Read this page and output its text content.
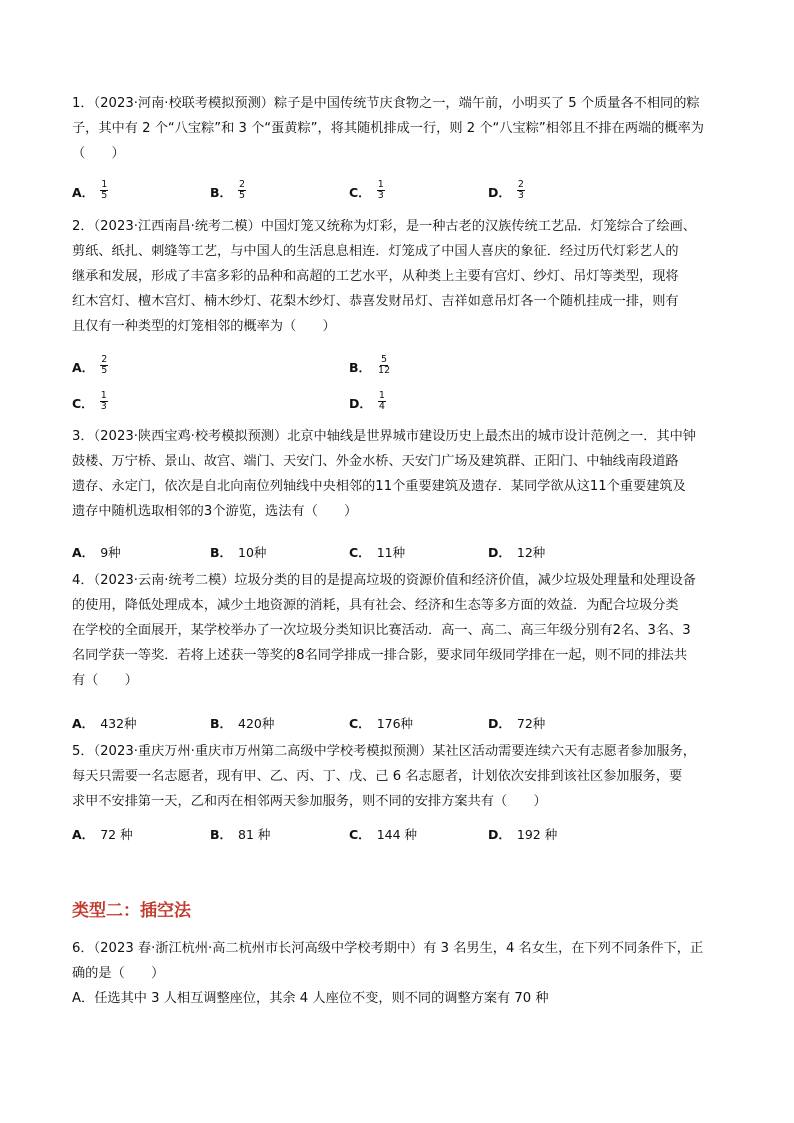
1．（2023·河南·校联考模拟预测）粽子是中国传统节庆食物之一，端午前，小明买了 5 个质量各不相同的粽
子，其中有 2 个“八宝粽”和 3 个“蛋黄粽”，将其随机排成一行，则 2 个“八宝粽”相邻且不排在两端的概率为
（　　）
A． $\frac{1}{5}$	B． $\frac{2}{5}$	C． $\frac{1}{3}$	D． $\frac{2}{3}$
2．（2023·江西南昌·统考二模）中国灯笼又统称为灯彩，是一种古老的汉族传统工艺品．灯笼综合了绘画、
剪纸、纸扎、刺缝等工艺，与中国人的生活息息相连．灯笼成了中国人喜庆的象征．经过历代灯彩艺人的
继承和发展，形成了丰富多彩的品种和高超的工艺水平，从种类上主要有宫灯、纱灯、吊灯等类型，现将
红木宫灯、檀木宫灯、楠木纱灯、花梨木纱灯、恭喜发财吊灯、吉祥如意吊灯各一个随机挂成一排，则有
且仅有一种类型的灯笼相邻的概率为（　　）
A． $\frac{2}{5}$	B． $\frac{5}{12}$
C． $\frac{1}{3}$	D． $\frac{1}{4}$
3．（2023·陕西宝鸡·校考模拟预测）北京中轴线是世界城市建设历史上最杰出的城市设计范例之一．其中钟
鼓楼、万宁桥、景山、故宫、端门、天安门、外金水桥、天安门广场及建筑群、正阳门、中轴线南段道路
遗存、永定门，依次是自北向南位列轴线中央相邻的11个重要建筑及遗存．某同学欲从这11个重要建筑及
遗存中随机选取相邻的3个游览，选法有（　　）
A． 9种	B． 10种	C． 11种	D． 12种
4．（2023·云南·统考二模）垃圾分类的目的是提高垃圾的资源价值和经济价值，减少垃圾处理量和处理设备
的使用，降低处理成本，减少土地资源的消耗，具有社会、经济和生态等多方面的效益．为配合垃圾分类
在学校的全面展开，某学校举办了一次垃圾分类知识比赛活动．高一、高二、高三年级分别有2名、3名、3
名同学获一等奖．若将上述获一等奖的8名同学排成一排合影，要求同年级同学排在一起，则不同的排法共
有（　　）
A． 432种	B． 420种	C． 176种	D． 72种
5．（2023·重庆万州·重庆市万州第二高级中学校考模拟预测）某社区活动需要连续六天有志愿者参加服务，
每天只需要一名志愿者，现有甲、乙、丙、丁、戊、己 6 名志愿者，计划依次安排到该社区参加服务，要
求甲不安排第一天，乙和丙在相邻两天参加服务，则不同的安排方案共有（　　）
A． 72 种	B． 81 种	C． 144 种	D． 192 种
类型二：插空法
6．（2023 春·浙江杭州·高二杭州市长河高级中学校考期中）有 3 名男生，4 名女生，在下列不同条件下，正
确的是（　　）
A．任选其中 3 人相互调整座位，其余 4 人座位不变，则不同的调整方案有 70 种
